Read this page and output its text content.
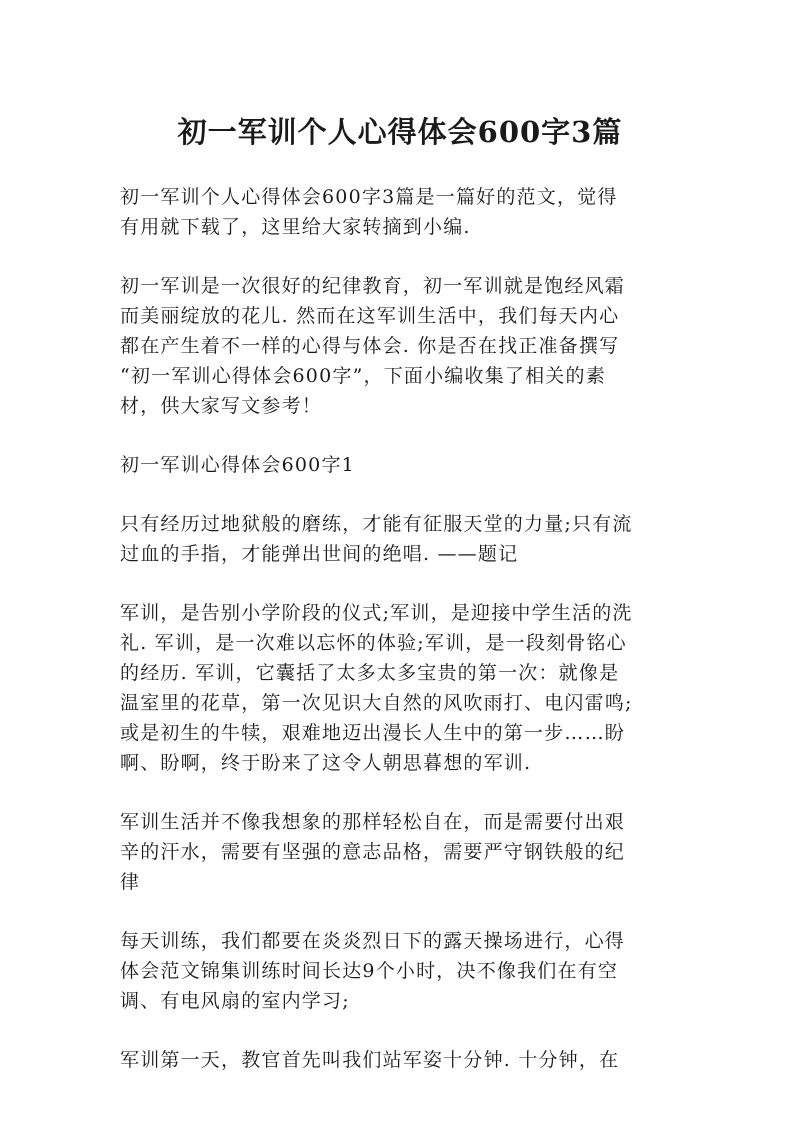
初一军训个人心得体会600字3篇

初一军训个人心得体会600字3篇是一篇好的范文，觉得
有用就下载了，这里给大家转摘到小编.

初一军训是一次很好的纪律教育，初一军训就是饱经风霜
而美丽绽放的花儿. 然而在这军训生活中，我们每天内心
都在产生着不一样的心得与体会. 你是否在找正准备撰写
“初一军训心得体会600字”，下面小编收集了相关的素
材，供大家写文参考！

初一军训心得体会600字1

只有经历过地狱般的磨练，才能有征服天堂的力量;只有流
过血的手指，才能弹出世间的绝唱. ——题记

军训，是告别小学阶段的仪式;军训，是迎接中学生活的洗
礼. 军训，是一次难以忘怀的体验;军训，是一段刻骨铭心
的经历. 军训，它囊括了太多太多宝贵的第一次：就像是
温室里的花草，第一次见识大自然的风吹雨打、电闪雷鸣;
或是初生的牛犊，艰难地迈出漫长人生中的第一步……盼
啊、盼啊，终于盼来了这令人朝思暮想的军训.

军训生活并不像我想象的那样轻松自在，而是需要付出艰
辛的汗水，需要有坚强的意志品格，需要严守钢铁般的纪
律

每天训练，我们都要在炎炎烈日下的露天操场进行，心得
体会范文锦集训练时间长达9个小时，决不像我们在有空
调、有电风扇的室内学习;

军训第一天，教官首先叫我们站军姿十分钟. 十分钟，在
